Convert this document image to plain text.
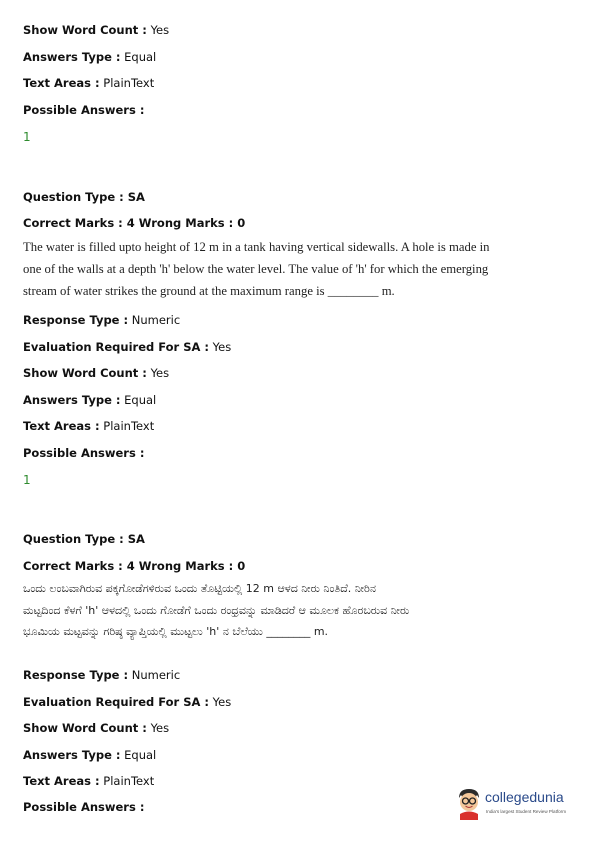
Show Word Count : Yes
Answers Type : Equal
Text Areas : PlainText
Possible Answers :
1
Question Type : SA
Correct Marks : 4 Wrong Marks : 0
The water is filled upto height of 12 m in a tank having vertical sidewalls. A hole is made in
one of the walls at a depth 'h' below the water level. The value of 'h' for which the emerging
stream of water strikes the ground at the maximum range is ________ m.
Response Type : Numeric
Evaluation Required For SA : Yes
Show Word Count : Yes
Answers Type : Equal
Text Areas : PlainText
Possible Answers :
1
Question Type : SA
Correct Marks : 4 Wrong Marks : 0
ಒಂದು ಲಂಬವಾಗಿರುವ ಪಕ್ಕಗೋಡೆಗಳಿರುವ ಒಂದು ತೊಟ್ಟಿಯಲ್ಲಿ 12 m ಆಳದ ನೀರು ನಿಂತಿದೆ. ನೀರಿನ
ಮಟ್ಟದಿಂದ ಕೆಳಗೆ 'h' ಆಳದಲ್ಲಿ ಒಂದು ಗೋಡೆಗೆ ಒಂದು ರಂಧ್ರವನ್ನು ಮಾಡಿದರೆ ಆ ಮೂಲಕ ಹೊರಬರುವ ನೀರು
ಭೂಮಿಯ ಮಟ್ಟವನ್ನು ಗರಿಷ್ಠ ವ್ಯಾಪ್ತಿಯಲ್ಲಿ ಮುಟ್ಟಲು 'h' ನ ಬೆಲೆಯು ________ m.
Response Type : Numeric
Evaluation Required For SA : Yes
Show Word Count : Yes
Answers Type : Equal
Text Areas : PlainText
Possible Answers :
collegedunia
India's largest Student Review Platform
